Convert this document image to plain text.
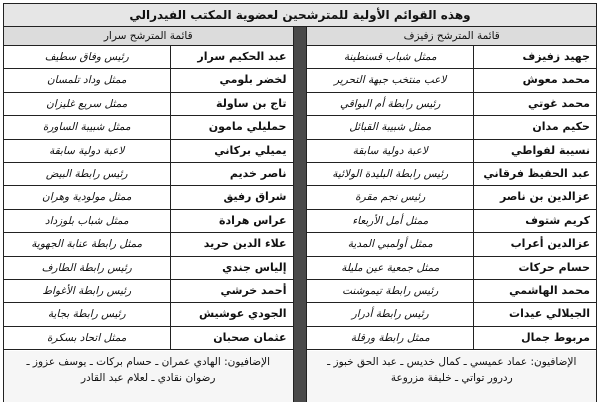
وهذه القوائم الأولية للمترشحين لعضوية المكتب الفيدرالي
قائمة المترشح زفيزف
جهيد زفيزف
ممثل شباب قسنطينة
محمد معوش
لاعب منتخب جبهة التحرير
محمد غوتي
رئيس رابطة أم البواقي
حكيم مدان
ممثل شبيبة القبائل
نسيبة لفواطي
لاعبة دولية سابقة
عبد الحفيظ فرقاني
رئيس رابطة البليدة الولائية
عزالدين بن ناصر
رئيس نجم مقرة
كريم شتوف
ممثل أمل الأربعاء
عزالدين أعراب
ممثل أولمبي المدية
حسام حركات
ممثل جمعية عين مليلة
محمد الهاشمي
رئيس رابطة تيموشنت
الجيلالي عيدات
رئيس رابطة أدرار
مربوط جمال
ممثل رابطة ورقلة
الإضافيون: عماد عميسي ـ كمال خديس ـ عبد الحق خبوز ـ ردرور تواتي ـ خليفة مزروعة
قائمة المترشح سرار
عبد الحكيم سرار
رئيس وفاق سطيف
لخضر بلومي
ممثل وداد تلمسان
تاج بن ساولة
ممثل سريع غليزان
حمليلي مامون
ممثل شبيبة الساورة
يميلي بركاني
لاعبة دولية سابقة
ناصر خديم
رئيس رابطة البيض
شراق رفيق
ممثل مولودية وهران
عراس هرادة
ممثل شباب بلوزداد
علاء الدين حريد
ممثل رابطة عنابة الجهوية
إلياس جندي
رئيس رابطة الطارف
أحمد خرشي
رئيس رابطة الأغواط
الجودي عوشيش
رئيس رابطة بجاية
عثمان صحبان
ممثل اتحاد بسكرة
الإضافيون: الهادي عمران ـ حسام بركات ـ يوسف عزوز ـ رضوان نقادي ـ لعلام عبد القادر
